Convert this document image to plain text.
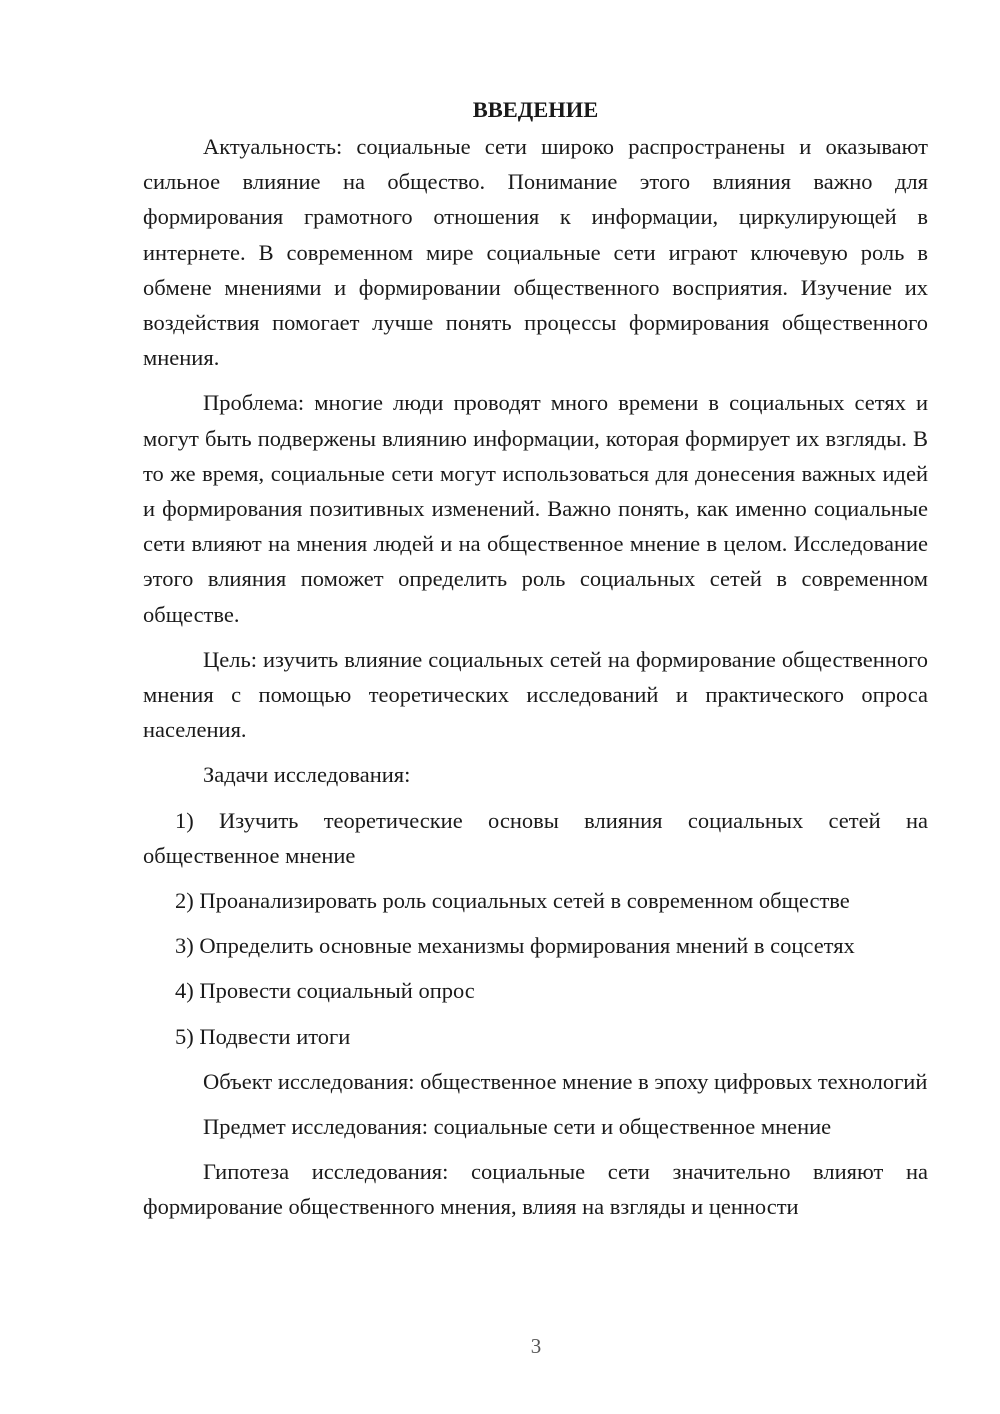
ВВЕДЕНИЕ

Актуальность: социальные сети широко распространены и оказывают сильное влияние на общество. Понимание этого влияния важно для формирования грамотного отношения к информации, циркулирующей в интернете. В современном мире социальные сети играют ключевую роль в обмене мнениями и формировании общественного восприятия. Изучение их воздействия помогает лучше понять процессы формирования общественного мнения.

Проблема: многие люди проводят много времени в социальных сетях и могут быть подвержены влиянию информации, которая формирует их взгляды. В то же время, социальные сети могут использоваться для донесения важных идей и формирования позитивных изменений. Важно понять, как именно социальные сети влияют на мнения людей и на общественное мнение в целом. Исследование этого влияния поможет определить роль социальных сетей в современном обществе.

Цель: изучить влияние социальных сетей на формирование общественного мнения с помощью теоретических исследований и практического опроса населения.

Задачи исследования:

1) Изучить теоретические основы влияния социальных сетей на общественное мнение

2) Проанализировать роль социальных сетей в современном обществе

3) Определить основные механизмы формирования мнений в соцсетях

4) Провести социальный опрос

5) Подвести итоги

Объект исследования: общественное мнение в эпоху цифровых технологий

Предмет исследования: социальные сети и общественное мнение

Гипотеза исследования: социальные сети значительно влияют на формирование общественного мнения, влияя на взгляды и ценности

3
